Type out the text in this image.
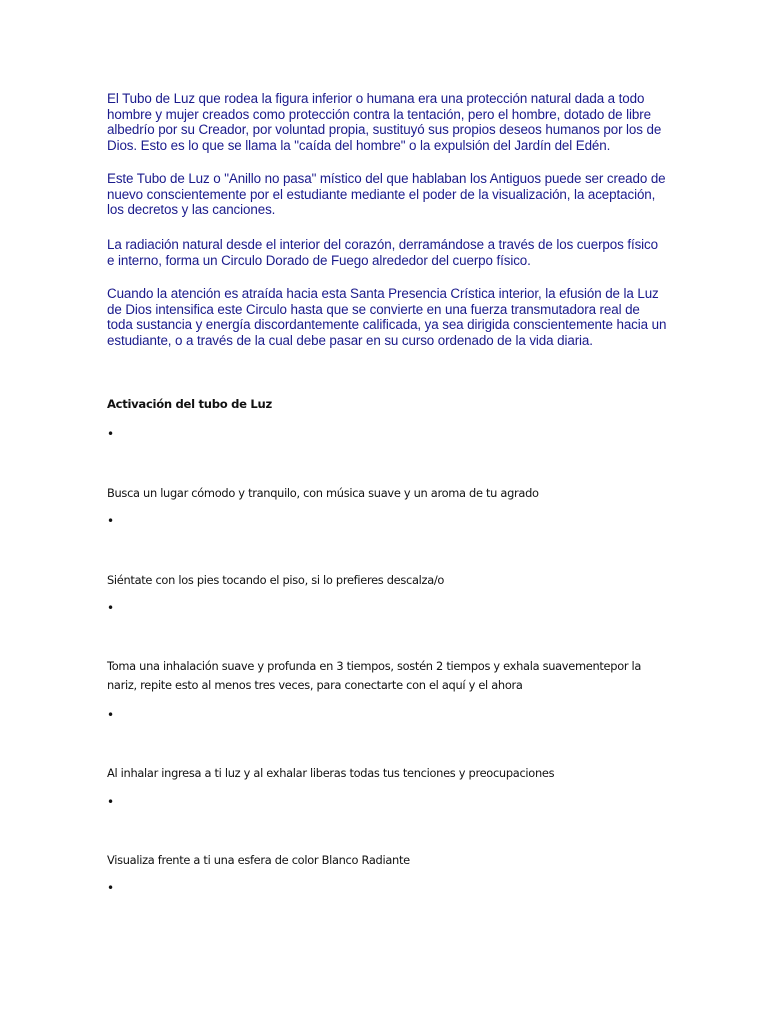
El Tubo de Luz que rodea la figura inferior o humana era una protección natural dada a todo hombre y mujer creados como protección contra la tentación, pero el hombre, dotado de libre albedrío por su Creador, por voluntad propia, sustituyó sus propios deseos humanos por los de Dios. Esto es lo que se llama la "caída del hombre" o la expulsión del Jardín del Edén.

Este Tubo de Luz o "Anillo no pasa" místico del que hablaban los Antiguos puede ser creado de nuevo conscientemente por el estudiante mediante el poder de la visualización, la aceptación, los decretos y las canciones.

La radiación natural desde el interior del corazón, derramándose a través de los cuerpos físico e interno, forma un Circulo Dorado de Fuego alrededor del cuerpo físico.

Cuando la atención es atraída hacia esta Santa Presencia Crística interior, la efusión de la Luz de Dios intensifica este Circulo hasta que se convierte en una fuerza transmutadora real de toda sustancia y energía discordantemente calificada, ya sea dirigida conscientemente hacia un estudiante, o a través de la cual debe pasar en su curso ordenado de la vida diaria.

Activación del tubo de Luz

•

Busca un lugar cómodo y tranquilo, con música suave y un aroma de tu agrado

•

Siéntate con los pies tocando el piso, si lo prefieres descalza/o

•

Toma una inhalación suave y profunda en 3 tiempos, sostén 2 tiempos y exhala suavementepor la nariz, repite esto al menos tres veces, para conectarte con el aquí y el ahora

•

Al inhalar ingresa a ti luz y al exhalar liberas todas tus tenciones y preocupaciones

•

Visualiza frente a ti una esfera de color Blanco Radiante

•
